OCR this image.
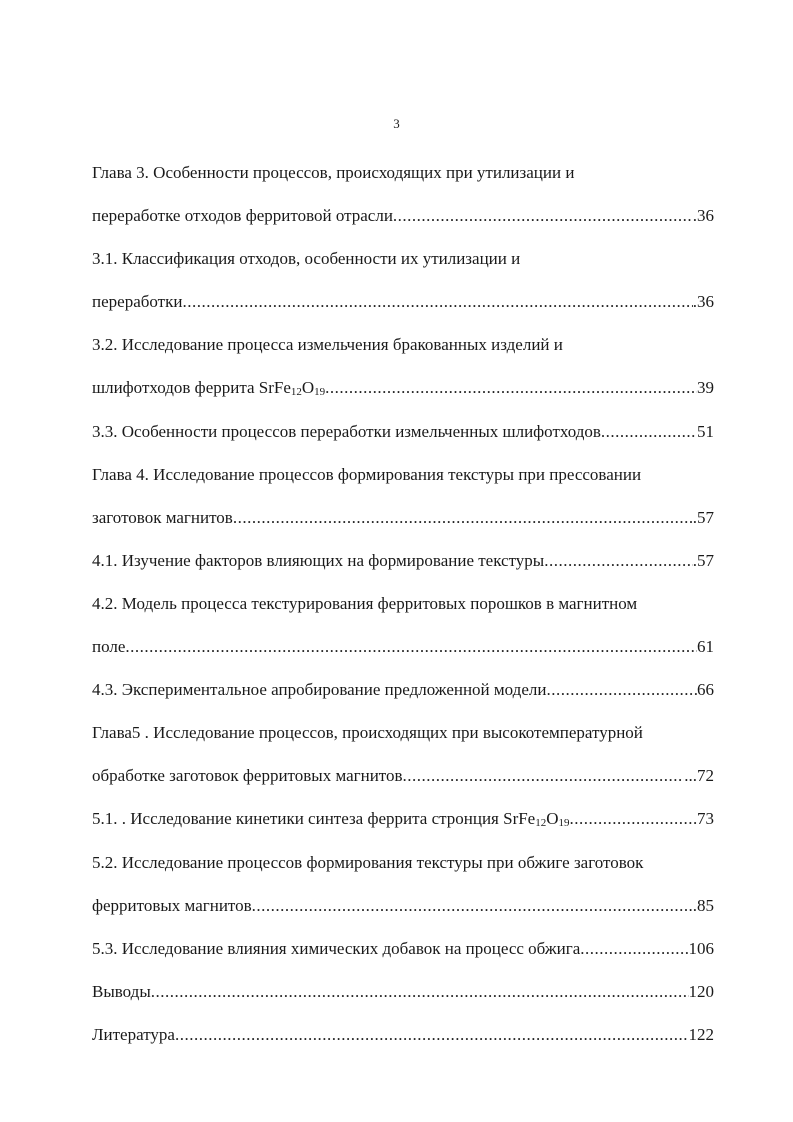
3
Глава 3. Особенности процессов, происходящих при утилизации и
переработке отходов ферритовой отрасли .....	.36
3.1. Классификация отходов, особенности их утилизации и
переработки .....	.36
3.2. Исследование процесса измельчения бракованных изделий и
шлифотходов феррита $SrFe_{12}O_{19}$ .....	39
3.3. Особенности процессов переработки измельченных шлифотходов .....	51
Глава 4. Исследование процессов формирования текстуры при прессовании
заготовок магнитов .....	.57
4.1. Изучение факторов влияющих на формирование текстуры .....	.57
4.2. Модель процесса текстурирования ферритовых порошков в магнитном
поле .....	61
4.3. Экспериментальное апробирование предложенной модели .....	66
Глава5 . Исследование процессов, происходящих при высокотемпературной
обработке заготовок ферритовых магнитов .....	...72
5.1. . Исследование кинетики синтеза феррита стронция $SrFe_{12}O_{19}$ .....	73
5.2. Исследование процессов формирования текстуры при обжиге заготовок
ферритовых магнитов .....	..85
5.3. Исследование влияния химических добавок на процесс обжига .....	106
Выводы .....	120
Литература .....	122
